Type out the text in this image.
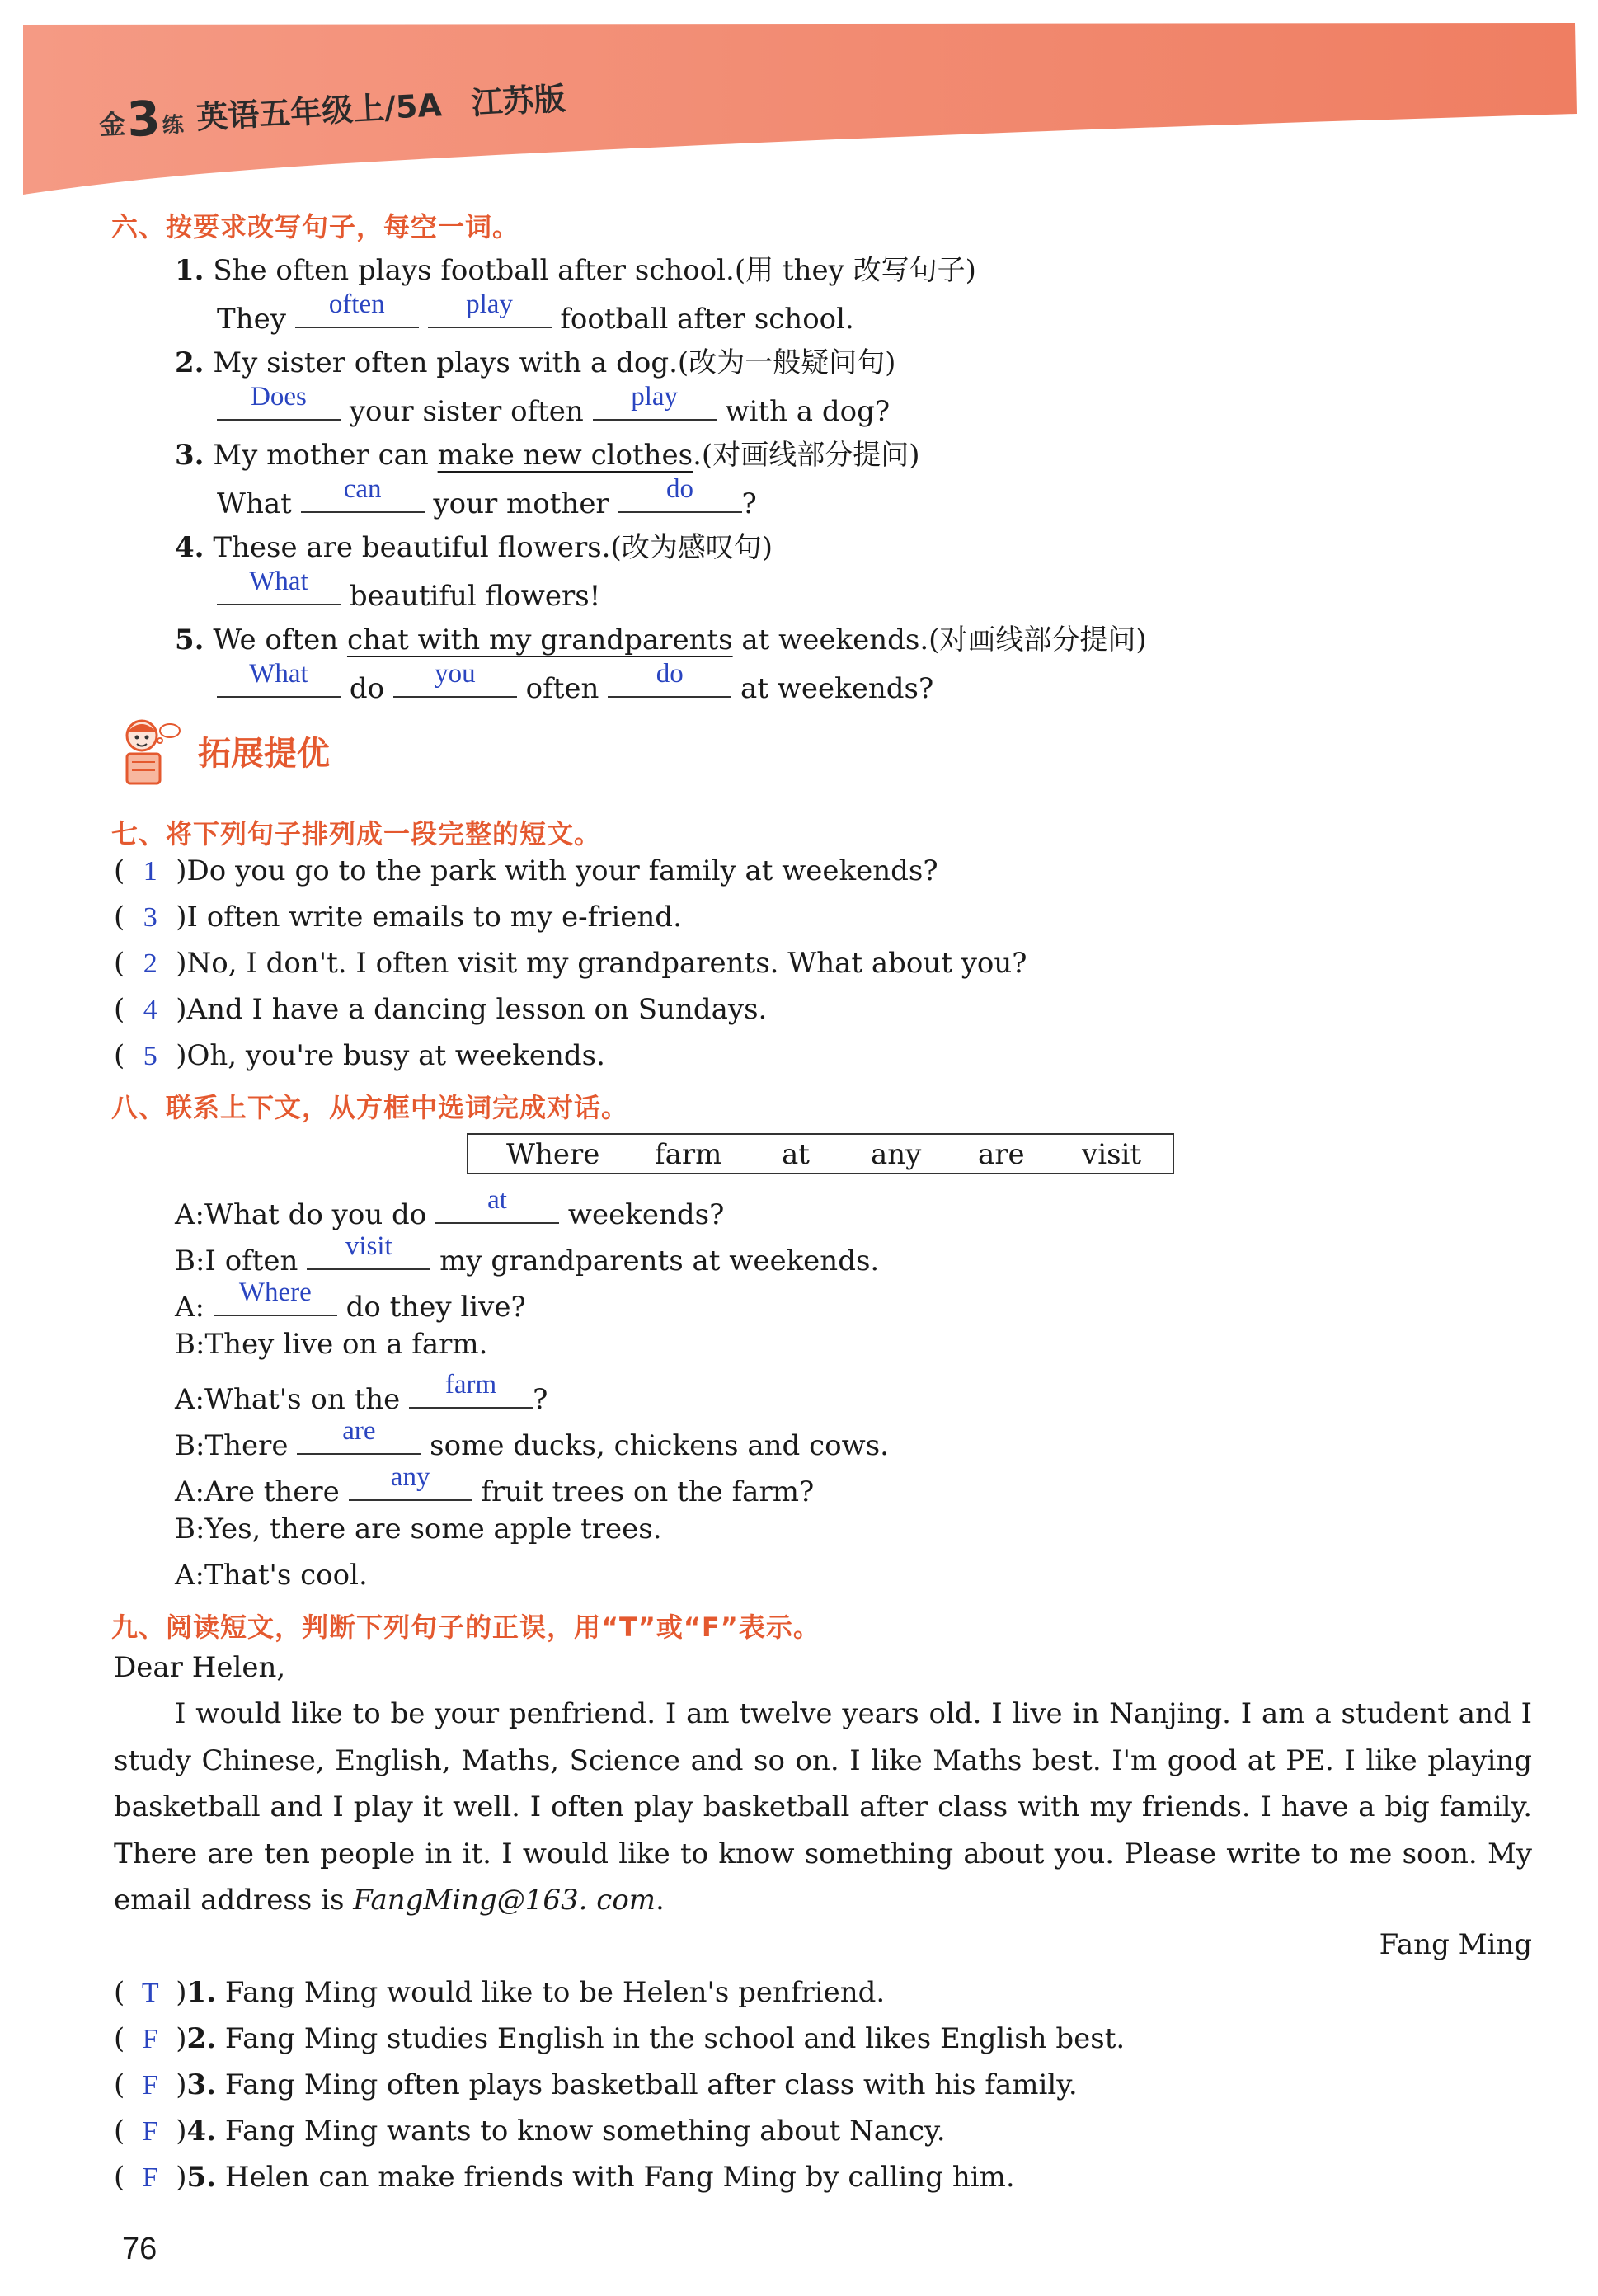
金
3 练 英语五年级上/5A 江苏版
六、按要求改写句子，每空一词。
1. She often plays football after school.(用 they 改写句子)
They	often
	play	football after school.
2. My sister often plays with a dog.(改为一般疑问句)
Does	your sister often	play	with a dog?
3. My mother can make new clothes.(对画线部分提问)
What	can	your mother	do	?
4. These are beautiful flowers.(改为感叹句)
What	beautiful flowers!
5. We often chat with my grandparents at weekends.(对画线部分提问)
What	do	you	often	do	at weekends?
拓展提优
七、将下列句子排列成一段完整的短文。
( 1 )Do you go to the park with your family at weekends?
( 3 )I often write emails to my e-friend.
( 2 )No, I don't. I often visit my grandparents. What about you?
( 4 )And I have a dancing lesson on Sundays.
( 5 )Oh, you're busy at weekends.
八、联系上下文，从方框中选词完成对话。
Where farm at any are visit
A:What do you do	at	weekends?
B:I often	visit	my grandparents at weekends.
A:	Where	do they live?
B:They live on a farm.
A:What's on the	farm	?
B:There	are	some ducks, chickens and cows.
A:Are there	any	fruit trees on the farm?
B:Yes, there are some apple trees.
A:That's cool.
九、阅读短文，判断下列句子的正误，用“T”或“F”表示。
Dear Helen,
I would like to be your penfriend. I am twelve years old. I live in Nanjing. I am a student and I study Chinese, English, Maths, Science and so on. I like Maths best. I'm good at PE. I like playing basketball and I play it well. I often play basketball after class with my friends. I have a big family. There are ten people in it. I would like to know something about you. Please write to me soon. My email address is FangMing@163. com.
Fang Ming
( T )1. Fang Ming would like to be Helen's penfriend.
( F )2. Fang Ming studies English in the school and likes English best.
( F )3. Fang Ming often plays basketball after class with his family.
( F )4. Fang Ming wants to know something about Nancy.
( F )5. Helen can make friends with Fang Ming by calling him.
76
